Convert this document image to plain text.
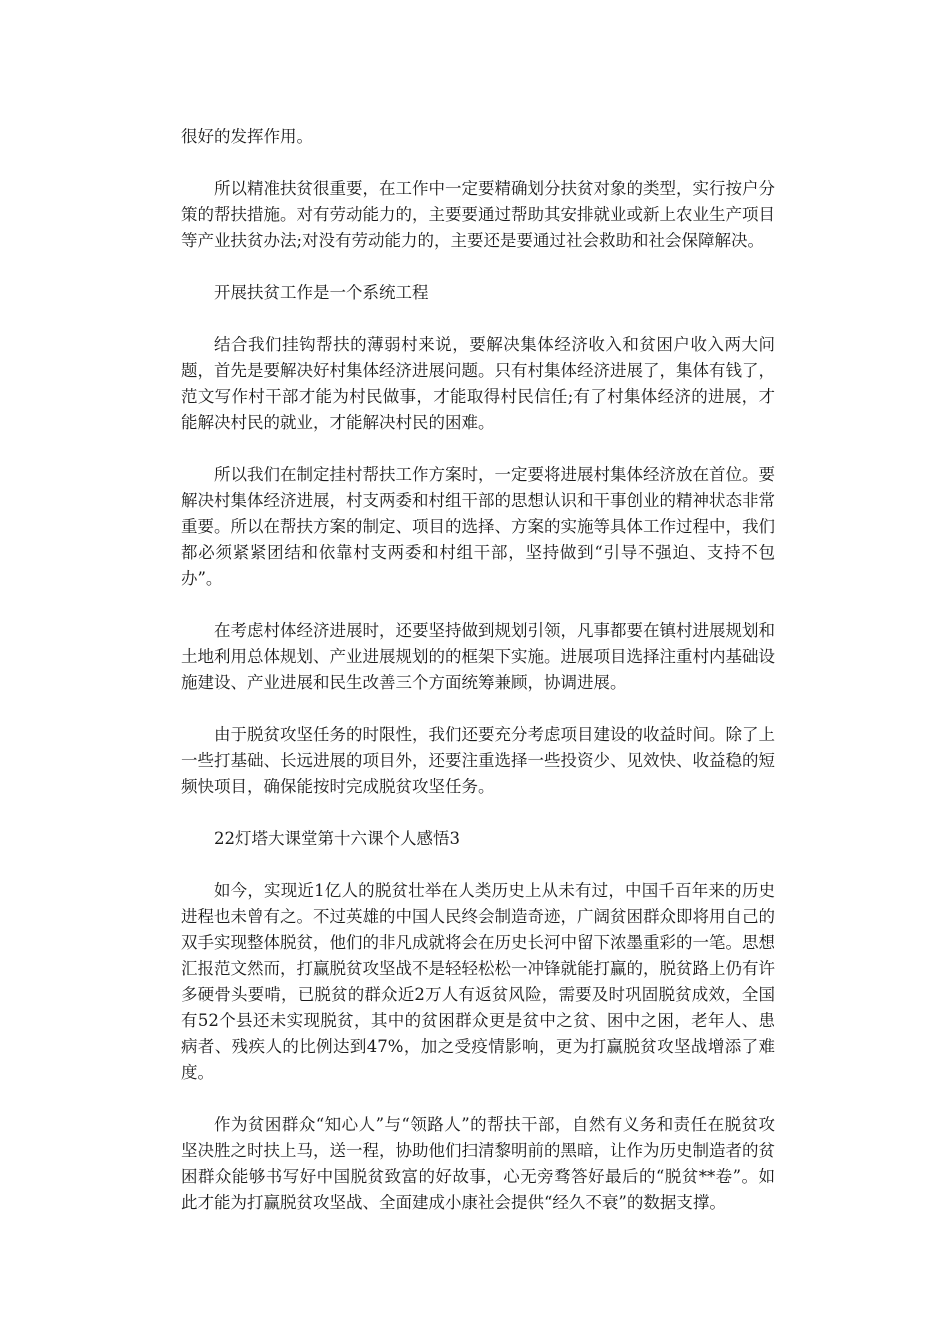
很好的发挥作用。

所以精准扶贫很重要，在工作中一定要精确划分扶贫对象的类型，实行按户分策的帮扶措施。对有劳动能力的，主要要通过帮助其安排就业或新上农业生产项目等产业扶贫办法;对没有劳动能力的，主要还是要通过社会救助和社会保障解决。

开展扶贫工作是一个系统工程

结合我们挂钩帮扶的薄弱村来说，要解决集体经济收入和贫困户收入两大问题，首先是要解决好村集体经济进展问题。只有村集体经济进展了，集体有钱了，范文写作村干部才能为村民做事，才能取得村民信任;有了村集体经济的进展，才能解决村民的就业，才能解决村民的困难。

所以我们在制定挂村帮扶工作方案时，一定要将进展村集体经济放在首位。要解决村集体经济进展，村支两委和村组干部的思想认识和干事创业的精神状态非常重要。所以在帮扶方案的制定、项目的选择、方案的实施等具体工作过程中，我们都必须紧紧团结和依靠村支两委和村组干部，坚持做到“引导不强迫、支持不包办”。

在考虑村体经济进展时，还要坚持做到规划引领，凡事都要在镇村进展规划和土地利用总体规划、产业进展规划的的框架下实施。进展项目选择注重村内基础设施建设、产业进展和民生改善三个方面统筹兼顾，协调进展。

由于脱贫攻坚任务的时限性，我们还要充分考虑项目建设的收益时间。除了上一些打基础、长远进展的项目外，还要注重选择一些投资少、见效快、收益稳的短频快项目，确保能按时完成脱贫攻坚任务。

22灯塔大课堂第十六课个人感悟3

如今，实现近1亿人的脱贫壮举在人类历史上从未有过，中国千百年来的历史进程也未曾有之。不过英雄的中国人民终会制造奇迹，广阔贫困群众即将用自己的双手实现整体脱贫，他们的非凡成就将会在历史长河中留下浓墨重彩的一笔。思想汇报范文然而，打赢脱贫攻坚战不是轻轻松松一冲锋就能打赢的，脱贫路上仍有许多硬骨头要啃，已脱贫的群众近2万人有返贫风险，需要及时巩固脱贫成效，全国有52个县还未实现脱贫，其中的贫困群众更是贫中之贫、困中之困，老年人、患病者、残疾人的比例达到47%，加之受疫情影响，更为打赢脱贫攻坚战增添了难度。

作为贫困群众“知心人”与“领路人”的帮扶干部，自然有义务和责任在脱贫攻坚决胜之时扶上马，送一程，协助他们扫清黎明前的黑暗，让作为历史制造者的贫困群众能够书写好中国脱贫致富的好故事，心无旁骛答好最后的“脱贫**卷”。如此才能为打赢脱贫攻坚战、全面建成小康社会提供“经久不衰”的数据支撑。
